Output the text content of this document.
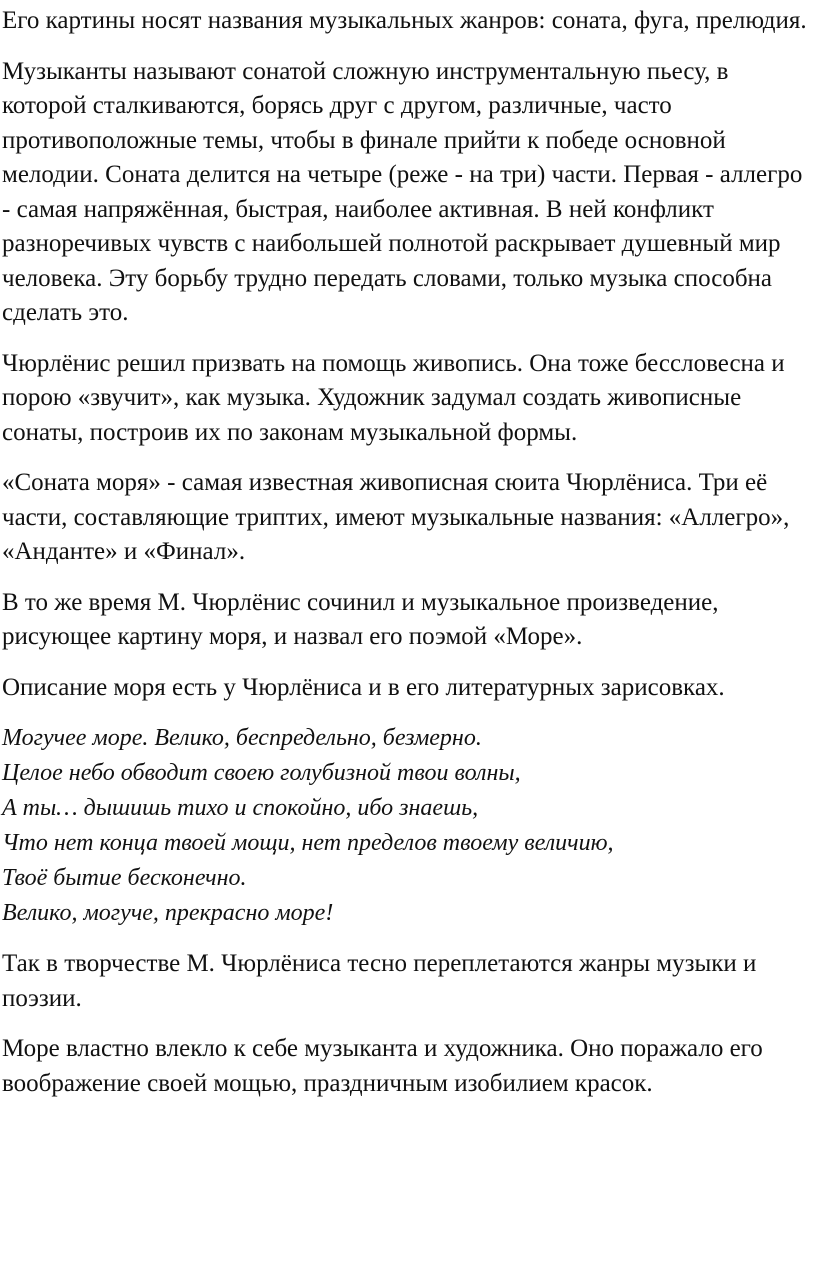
Его картины носят названия музыкальных жанров: соната, фуга, прелюдия.

Музыканты называют сонатой сложную инструментальную пьесу, в которой сталкиваются, борясь друг с другом, различные, часто противоположные темы, чтобы в финале прийти к победе основной мелодии. Соната делится на четыре (реже - на три) части. Первая - аллегро - самая напряжённая, быстрая, наиболее активная. В ней конфликт разноречивых чувств с наибольшей полнотой раскрывает душевный мир человека. Эту борьбу трудно передать словами, только музыка способна сделать это.

Чюрлёнис решил призвать на помощь живопись. Она тоже бессловесна и порою «звучит», как музыка. Художник задумал создать живописные сонаты, построив их по законам музыкальной формы.

«Соната моря» - самая известная живописная сюита Чюрлёниса. Три её части, составляющие триптих, имеют музыкальные названия: «Аллегро», «Анданте» и «Финал».

В то же время М. Чюрлёнис сочинил и музыкальное произведение, рисующее картину моря, и назвал его поэмой «Море».

Описание моря есть у Чюрлёниса и в его литературных зарисовках.

Могучее море. Велико, беспредельно, безмерно.
Целое небо обводит своею голубизной твои волны,
А ты… дышишь тихо и спокойно, ибо знаешь,
Что нет конца твоей мощи, нет пределов твоему величию,
Твоё бытие бесконечно.
Велико, могуче, прекрасно море!

Так в творчестве М. Чюрлёниса тесно переплетаются жанры музыки и поэзии.

Море властно влекло к себе музыканта и художника. Оно поражало его воображение своей мощью, праздничным изобилием красок.
